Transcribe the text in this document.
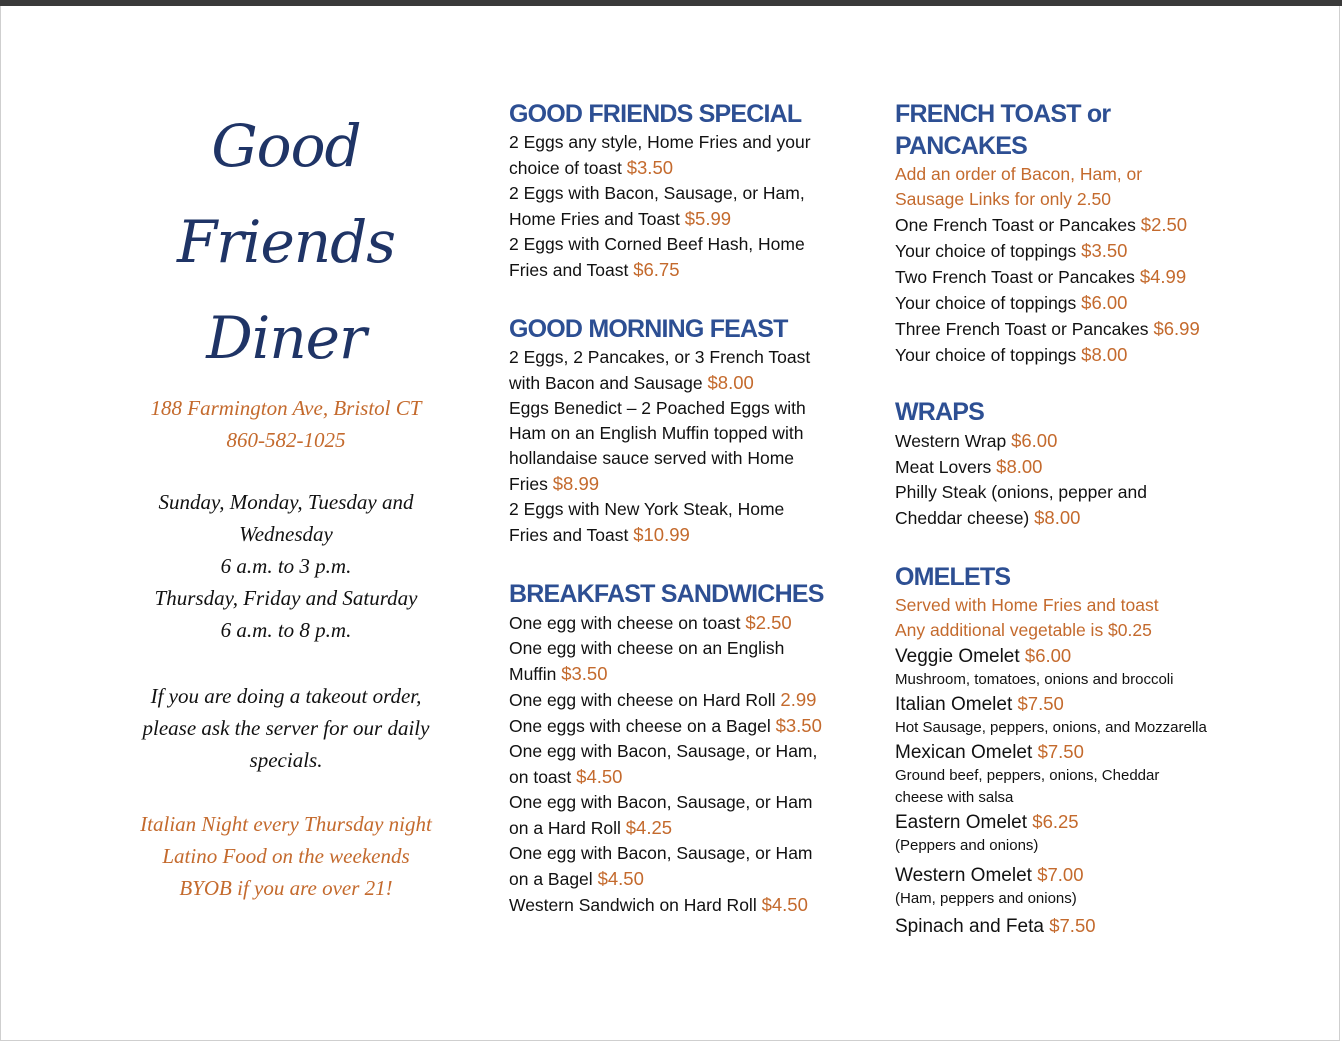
Good Friends
Diner

188 Farmington Ave, Bristol CT

860-582-1025

Sunday, Monday, Tuesday and

Wednesday

6 a.m. to 3 p.m.

Thursday, Friday and Saturday

6 a.m. to 8 p.m.

If you are doing a takeout order,

please ask the server for our daily

specials.

Italian Night every Thursday night

Latino Food on the weekends

BYOB if you are over 21!

GOOD FRIENDS SPECIAL

2 Eggs any style, Home Fries and your

choice of toast $3.50

2 Eggs with Bacon, Sausage, or Ham,

Home Fries and Toast $5.99

2 Eggs with Corned Beef Hash, Home

Fries and Toast $6.75

GOOD MORNING FEAST

2 Eggs, 2 Pancakes, or 3 French Toast

with Bacon and Sausage $8.00

Eggs Benedict – 2 Poached Eggs with

Ham on an English Muffin topped with

hollandaise sauce served with Home

Fries $8.99

2 Eggs with New York Steak, Home

Fries and Toast $10.99

BREAKFAST SANDWICHES

One egg with cheese on toast $2.50

One egg with cheese on an English

Muffin $3.50

One egg with cheese on Hard Roll 2.99

One eggs with cheese on a Bagel $3.50

One egg with Bacon, Sausage, or Ham,

on toast $4.50

One egg with Bacon, Sausage, or Ham

on a Hard Roll $4.25

One egg with Bacon, Sausage, or Ham

on a Bagel $4.50

Western Sandwich on Hard Roll $4.50

FRENCH TOAST or PANCAKES

Add an order of Bacon, Ham, or

Sausage Links for only 2.50

One French Toast or Pancakes $2.50

Your choice of toppings $3.50

Two French Toast or Pancakes $4.99

Your choice of toppings $6.00

Three French Toast or Pancakes $6.99

Your choice of toppings $8.00

WRAPS

Western Wrap $6.00

Meat Lovers $8.00

Philly Steak (onions, pepper and

Cheddar cheese) $8.00

OMELETS

Served with Home Fries and toast

Any additional vegetable is $0.25

Veggie Omelet $6.00

Mushroom, tomatoes, onions and broccoli

Italian Omelet $7.50

Hot Sausage, peppers, onions, and Mozzarella

Mexican Omelet $7.50

Ground beef, peppers, onions, Cheddar

cheese with salsa

Eastern Omelet $6.25

(Peppers and onions)

Western Omelet $7.00

(Ham, peppers and onions)

Spinach and Feta $7.50
